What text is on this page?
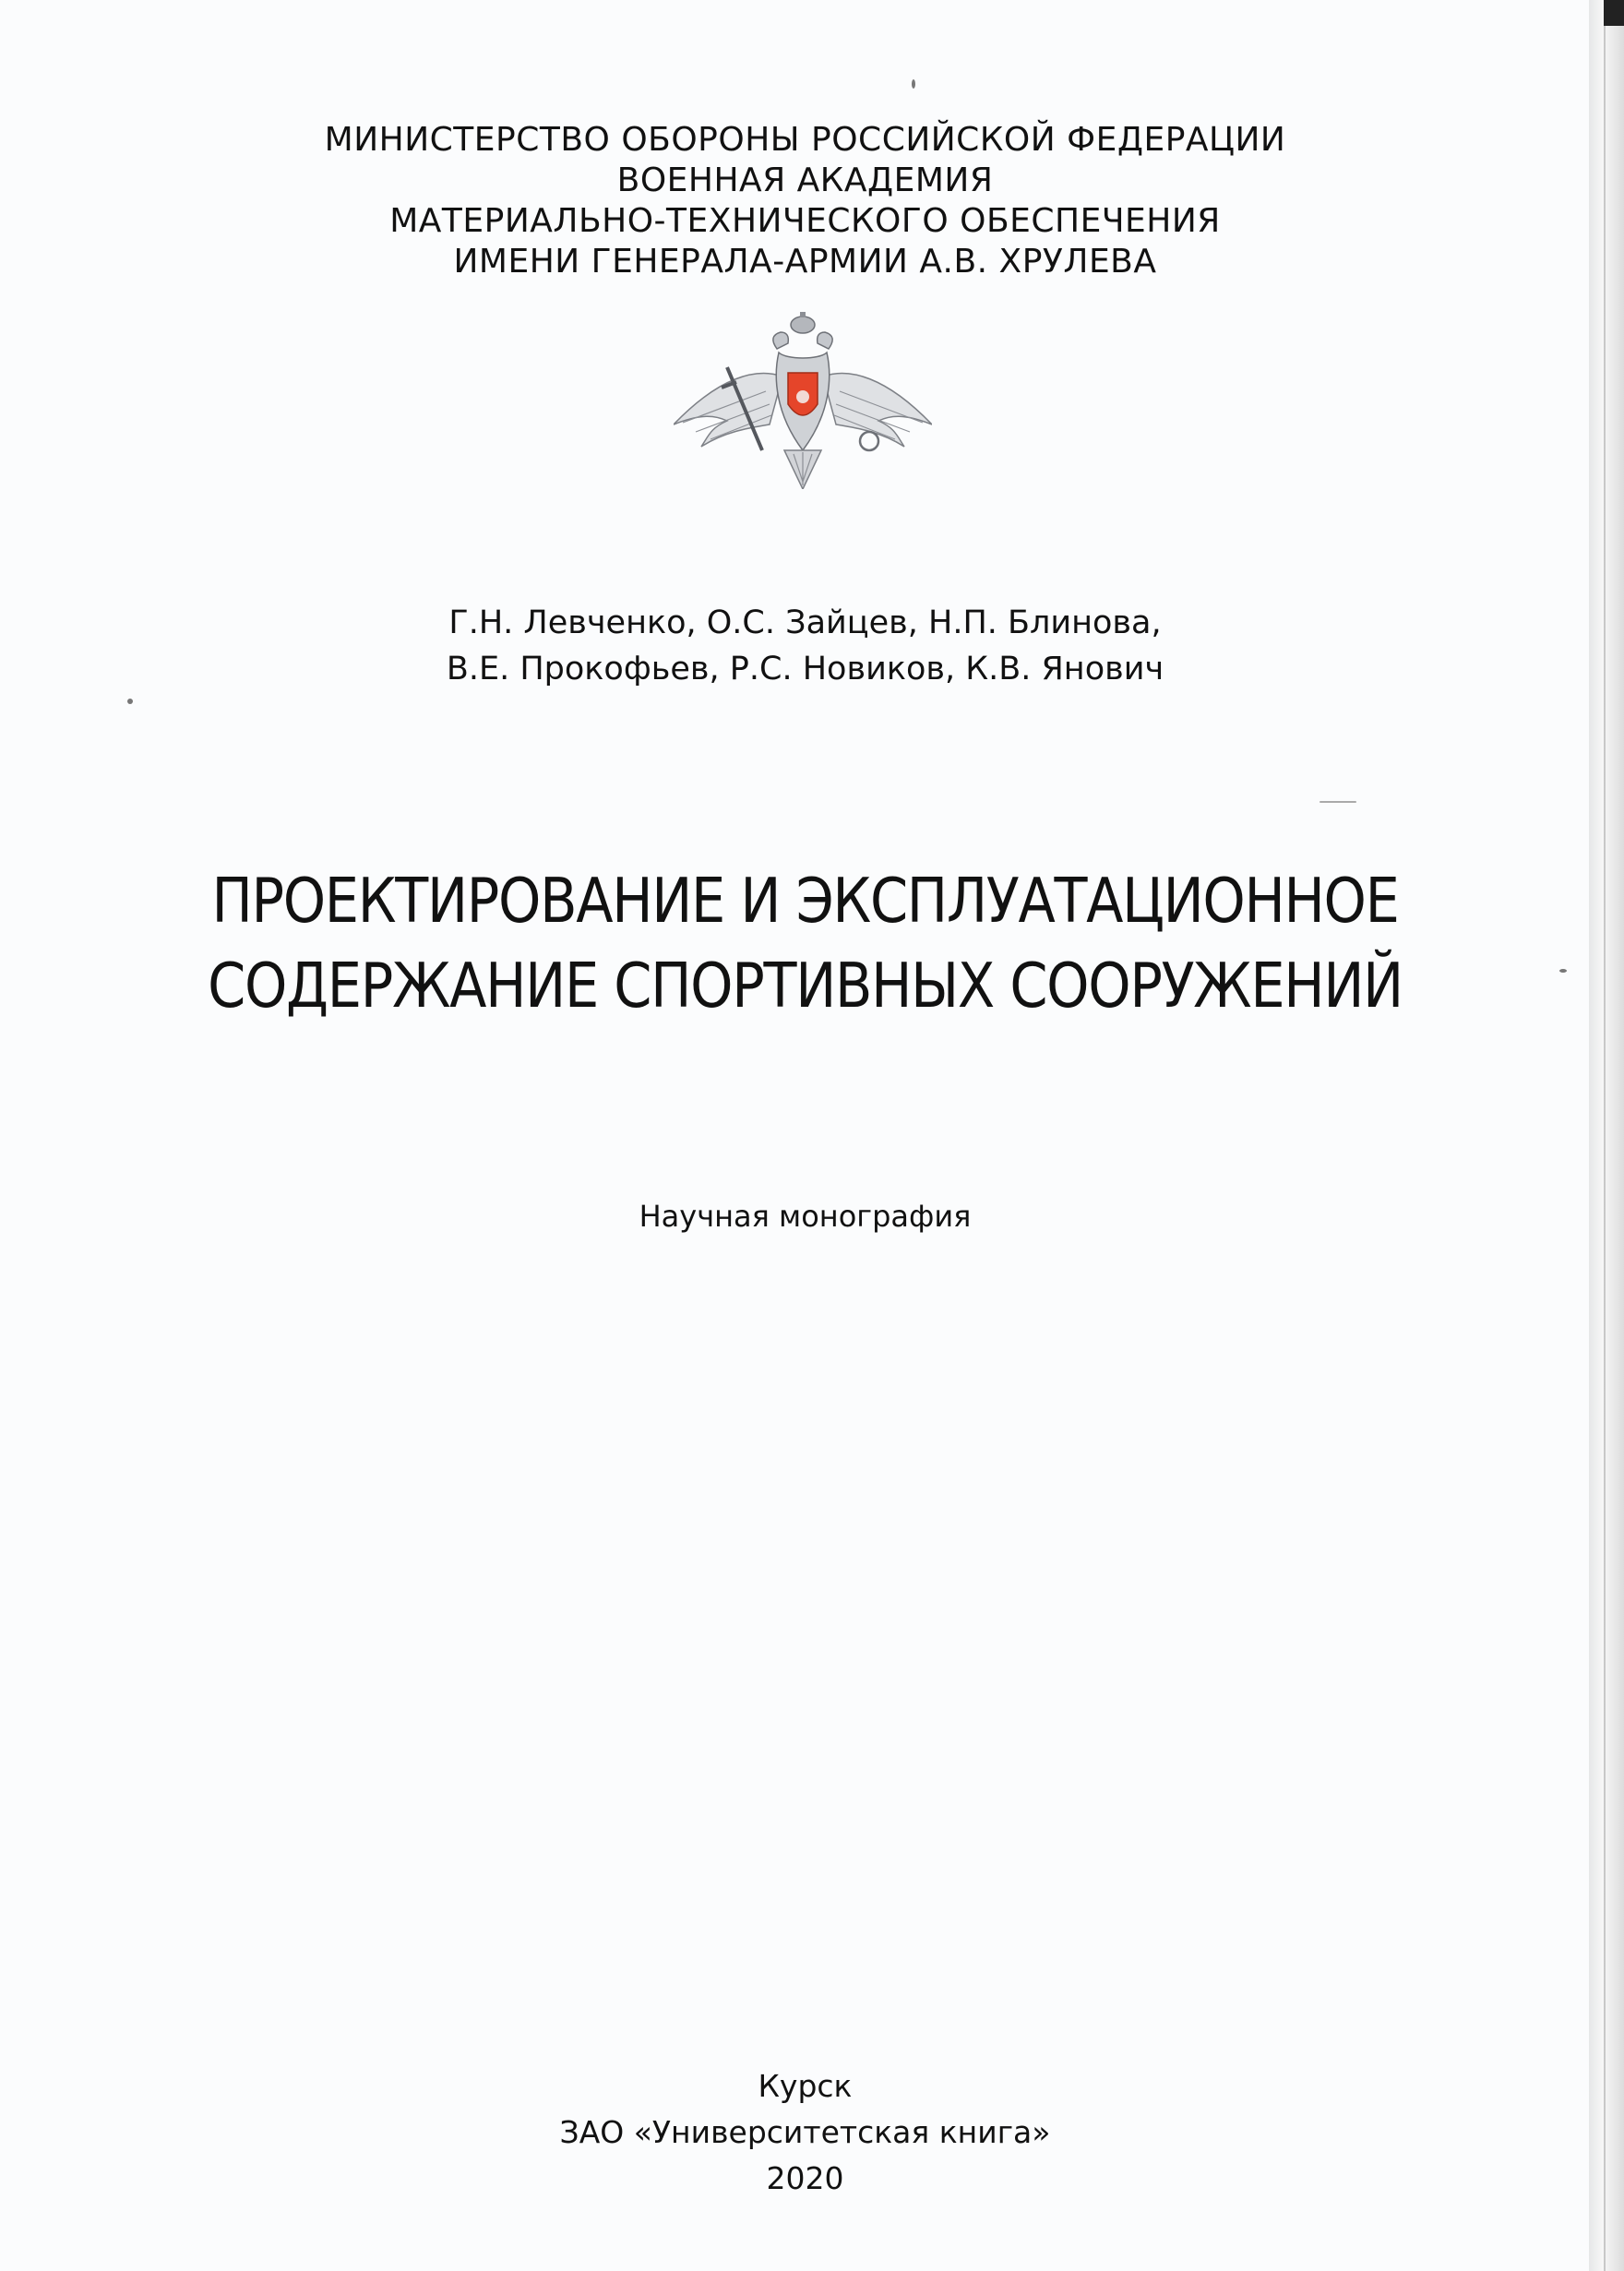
МИНИСТЕРСТВО ОБОРОНЫ РОССИЙСКОЙ ФЕДЕРАЦИИ
ВОЕННАЯ АКАДЕМИЯ
МАТЕРИАЛЬНО-ТЕХНИЧЕСКОГО ОБЕСПЕЧЕНИЯ
ИМЕНИ ГЕНЕРАЛА-АРМИИ А.В. ХРУЛЕВА
Г.Н. Левченко, О.С. Зайцев, Н.П. Блинова,
В.Е. Прокофьев, Р.С. Новиков, К.В. Янович
ПРОЕКТИРОВАНИЕ И ЭКСПЛУАТАЦИОННОЕ
СОДЕРЖАНИЕ СПОРТИВНЫХ СООРУЖЕНИЙ
Научная монография
Курск
ЗАО «Университетская книга»
2020
